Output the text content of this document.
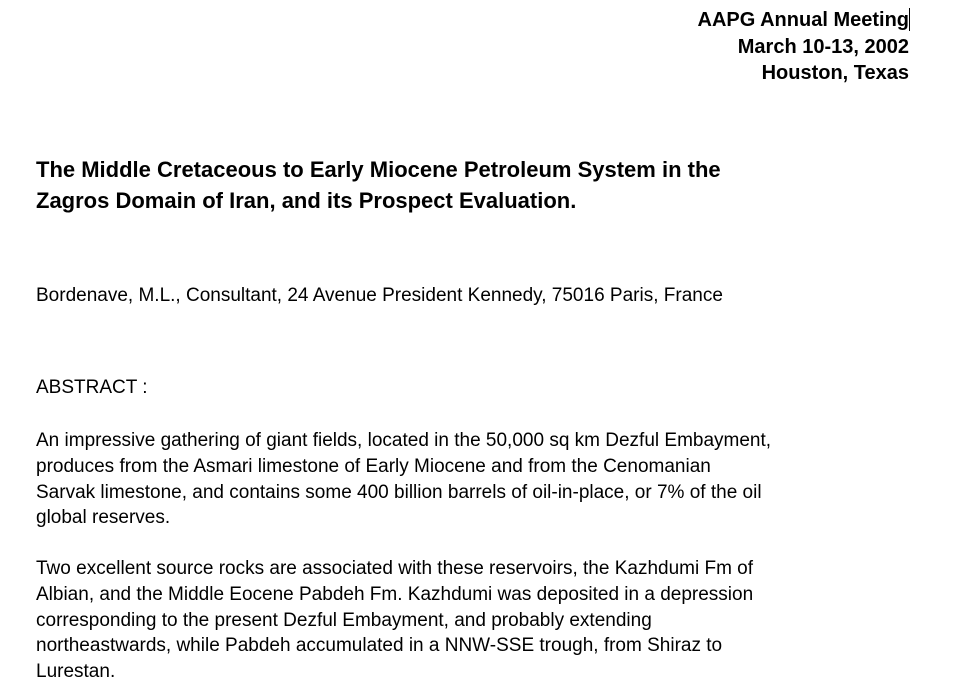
AAPG Annual Meeting
March 10-13, 2002
Houston, Texas
The Middle Cretaceous to Early Miocene Petroleum System in the
Zagros Domain of Iran, and its Prospect Evaluation.
Bordenave, M.L., Consultant, 24 Avenue President Kennedy, 75016 Paris, France
ABSTRACT :
An impressive gathering of giant fields, located in the 50,000 sq km Dezful Embayment,
produces from the Asmari limestone of Early Miocene and from the Cenomanian
Sarvak limestone, and contains some 400 billion barrels of oil-in-place, or 7% of the oil
global reserves.
Two excellent source rocks are associated with these reservoirs, the Kazhdumi Fm of
Albian, and the Middle Eocene Pabdeh Fm. Kazhdumi was deposited in a depression
corresponding to the present Dezful Embayment, and probably extending
northeastwards, while Pabdeh accumulated in a NNW-SSE trough, from Shiraz to
Lurestan.
